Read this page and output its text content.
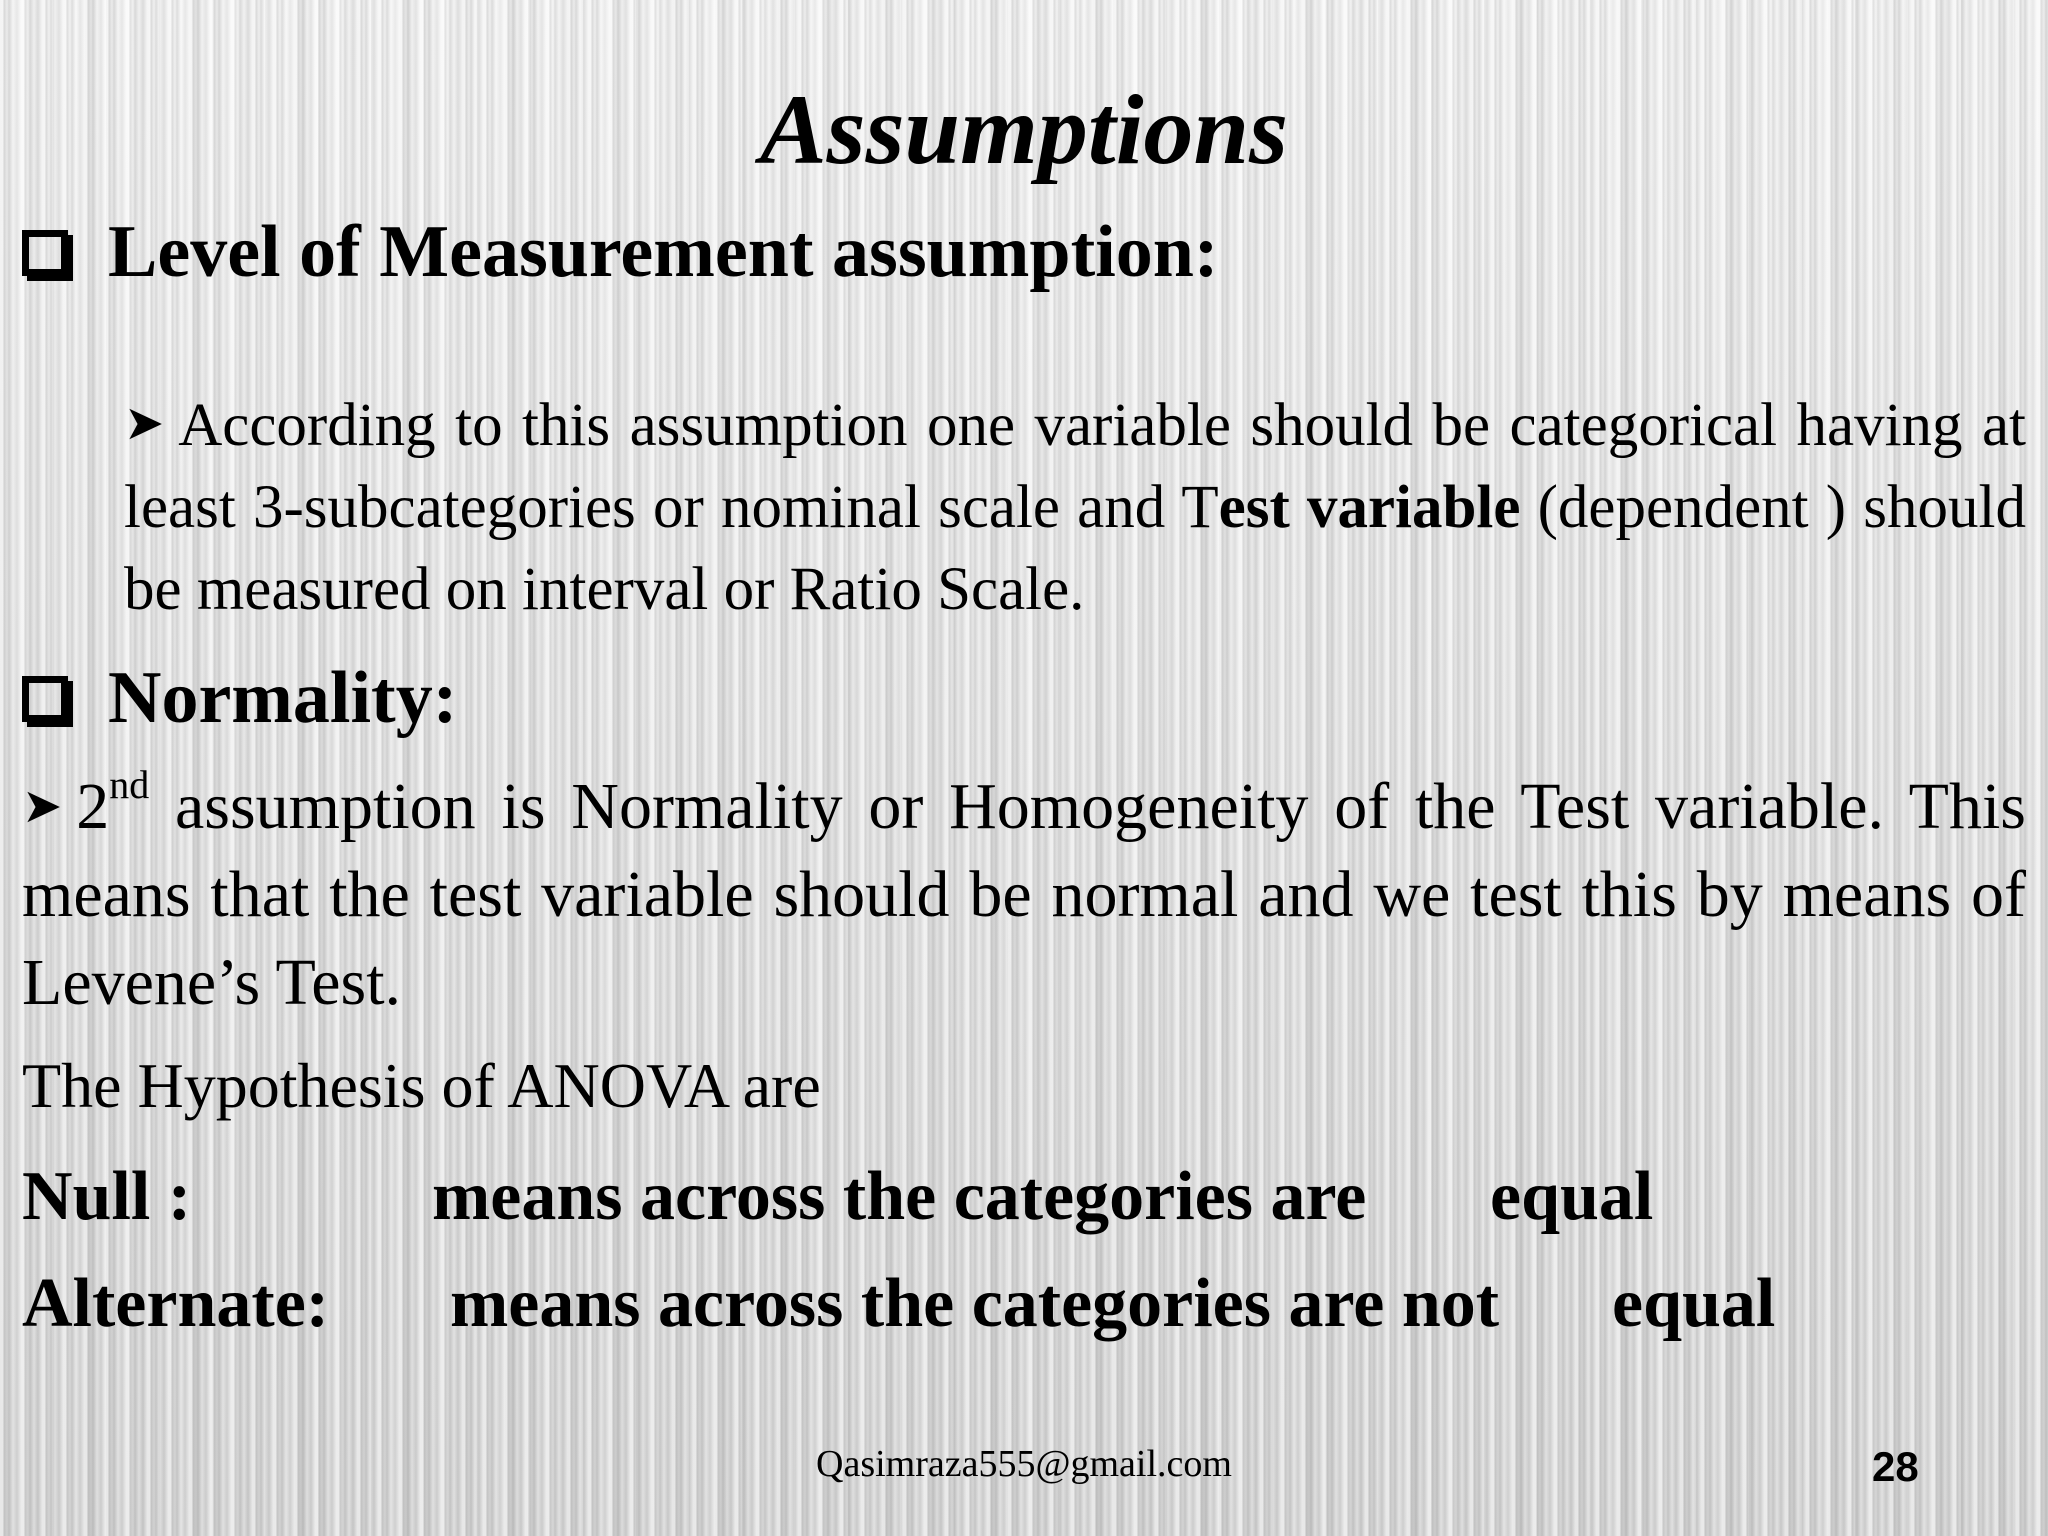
Assumptions
Level of Measurement assumption:
➤ According to this assumption one variable should be categorical having at least 3-subcategories or nominal scale and Test variable (dependent ) should be measured on interval or Ratio Scale.
Normality:
➤ 2nd assumption is Normality or Homogeneity of the Test variable. This means that the test variable should be normal and we test this by means of Levene’s Test.
The Hypothesis of ANOVA are
Null :	means across the categories are equal
Alternate: means across the categories are not equal
Qasimraza555@gmail.com	28
